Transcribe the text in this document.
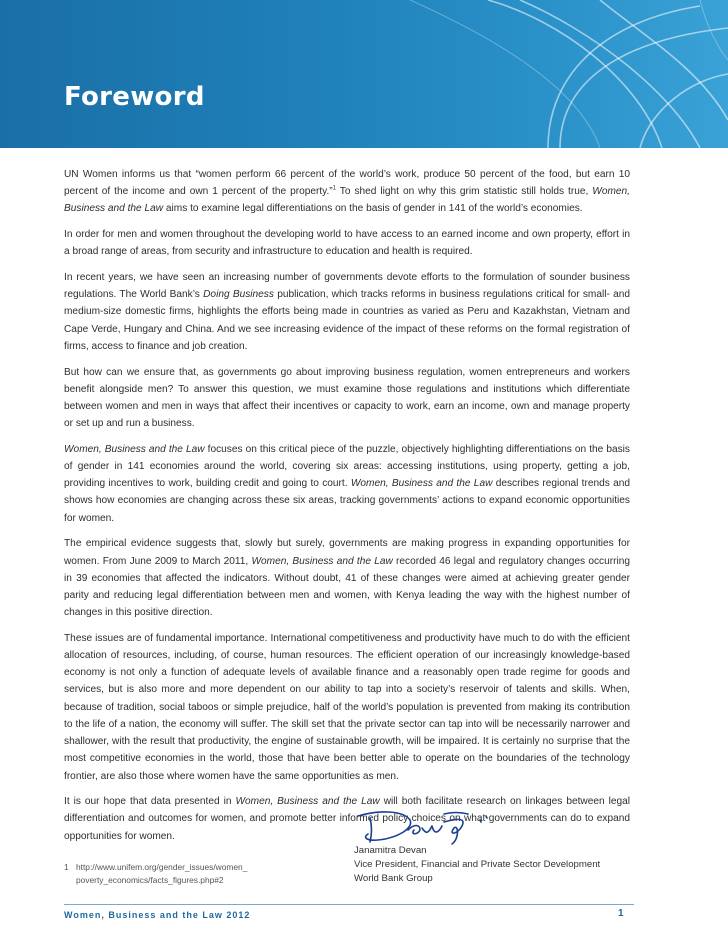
Foreword

UN Women informs us that “women perform 66 percent of the world’s work, produce 50 percent of the food, but earn 10 percent of the income and own 1 percent of the property.”$^1$ To shed light on why this grim statistic still holds true, Women, Business and the Law aims to examine legal differentiations on the basis of gender in 141 of the world’s economies.

In order for men and women throughout the developing world to have access to an earned income and own property, effort in a broad range of areas, from security and infrastructure to education and health is required.

In recent years, we have seen an increasing number of governments devote efforts to the formulation of sounder business regulations. The World Bank’s Doing Business publication, which tracks reforms in business regulations critical for small- and medium-size domestic firms, highlights the efforts being made in countries as varied as Peru and Kazakhstan, Vietnam and Cape Verde, Hungary and China. And we see increasing evidence of the impact of these reforms on the formal registration of firms, access to finance and job creation.

But how can we ensure that, as governments go about improving business regulation, women entrepreneurs and workers benefit alongside men? To answer this question, we must examine those regulations and institutions which differentiate between women and men in ways that affect their incentives or capacity to work, earn an income, own and manage property or set up and run a business.

Women, Business and the Law focuses on this critical piece of the puzzle, objectively highlighting differentiations on the basis of gender in 141 economies around the world, covering six areas: accessing institutions, using property, getting a job, providing incentives to work, building credit and going to court. Women, Business and the Law describes regional trends and shows how economies are changing across these six areas, tracking governments’ actions to expand economic opportunities for women.

The empirical evidence suggests that, slowly but surely, governments are making progress in expanding opportunities for women. From June 2009 to March 2011, Women, Business and the Law recorded 46 legal and regulatory changes occurring in 39 economies that affected the indicators. Without doubt, 41 of these changes were aimed at achieving greater gender parity and reducing legal differentiation between men and women, with Kenya leading the way with the highest number of changes in this positive direction.

These issues are of fundamental importance. International competitiveness and productivity have much to do with the efficient allocation of resources, including, of course, human resources. The efficient operation of our increasingly knowledge-based economy is not only a function of adequate levels of available finance and a reasonably open trade regime for goods and services, but is also more and more dependent on our ability to tap into a society’s reservoir of talents and skills. When, because of tradition, social taboos or simple prejudice, half of the world’s population is prevented from making its contribution to the life of a nation, the economy will suffer. The skill set that the private sector can tap into will be necessarily narrower and shallower, with the result that productivity, the engine of sustainable growth, will be impaired. It is certainly no surprise that the most competitive economies in the world, those that have been better able to operate on the boundaries of the technology frontier, are also those where women have the same opportunities as men.

It is our hope that data presented in Women, Business and the Law will both facilitate research on linkages between legal differentiation and outcomes for women, and promote better informed policy choices on what governments can do to expand opportunities for women.

Janamitra Devan
Vice President, Financial and Private Sector Development
World Bank Group
1 http://www.unifem.org/gender_issues/women_ poverty_economics/facts_figures.php#2
Women, Business and the Law 2012	1
